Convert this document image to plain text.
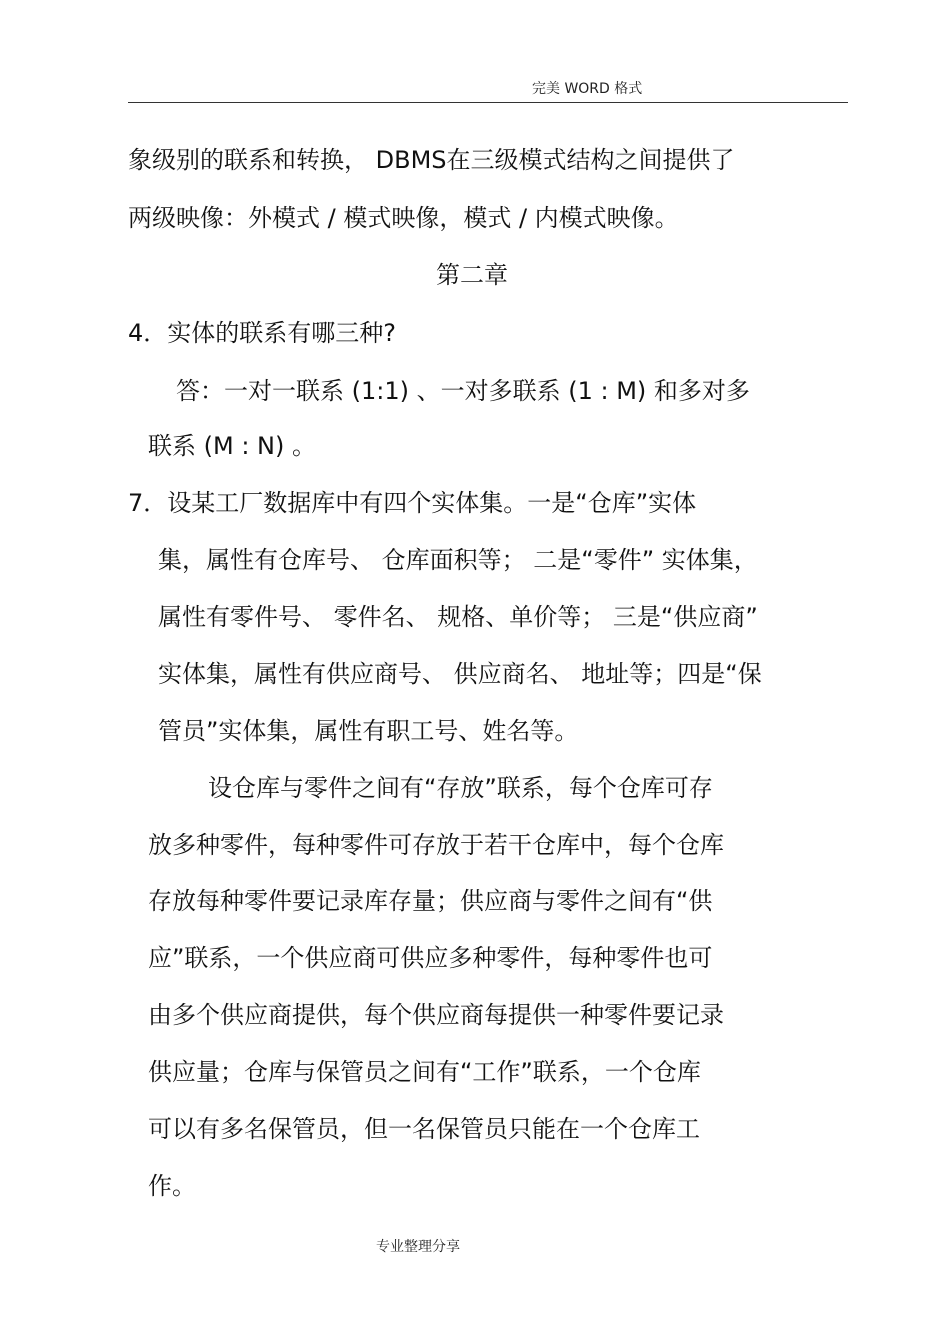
完美 WORD 格式
象级别的联系和转换， DBMS在三级模式结构之间提供了
两级映像：外模式 / 模式映像，模式 / 内模式映像。
第二章
4．实体的联系有哪三种?
答：一对一联系 (1:1) 、一对多联系 (1 : M) 和多对多
联系 (M : N) 。
7．设某工厂数据库中有四个实体集。一是“仓库”实体
集，属性有仓库号、 仓库面积等； 二是“零件” 实体集，
属性有零件号、 零件名、 规格、单价等； 三是“供应商”
实体集，属性有供应商号、 供应商名、 地址等；四是“保
管员”实体集，属性有职工号、姓名等。
设仓库与零件之间有“存放”联系，每个仓库可存
放多种零件，每种零件可存放于若干仓库中，每个仓库
存放每种零件要记录库存量；供应商与零件之间有“供
应”联系，一个供应商可供应多种零件，每种零件也可
由多个供应商提供，每个供应商每提供一种零件要记录
供应量；仓库与保管员之间有“工作”联系，一个仓库
可以有多名保管员，但一名保管员只能在一个仓库工
作。
专业整理分享
